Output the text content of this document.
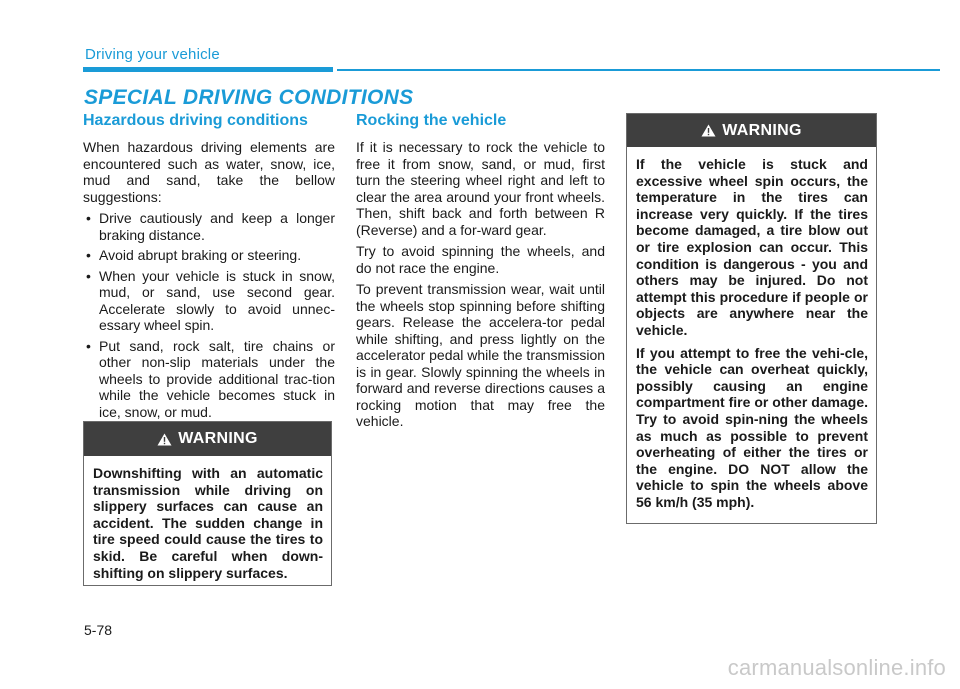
Driving your vehicle
SPECIAL DRIVING CONDITIONS
Hazardous driving conditions

When hazardous driving elements are encountered such as water, snow, ice, mud and sand, take the bellow suggestions:

• Drive cautiously and keep a longer braking distance.
• Avoid abrupt braking or steering.
• When your vehicle is stuck in snow, mud, or sand, use second gear. Accelerate slowly to avoid unnec-essary wheel spin.
• Put sand, rock salt, tire chains or other non-slip materials under the wheels to provide additional trac-tion while the vehicle becomes stuck in ice, snow, or mud.
Rocking the vehicle

If it is necessary to rock the vehicle to free it from snow, sand, or mud, first turn the steering wheel right and left to clear the area around your front wheels. Then, shift back and forth between R (Reverse) and a for-ward gear.

Try to avoid spinning the wheels, and do not race the engine.

To prevent transmission wear, wait until the wheels stop spinning before shifting gears. Release the accelera-tor pedal while shifting, and press lightly on the accelerator pedal while the transmission is in gear. Slowly spinning the wheels in forward and reverse directions causes a rocking motion that may free the vehicle.

WARNING

Downshifting with an automatic transmission while driving on slippery surfaces can cause an accident. The sudden change in tire speed could cause the tires to skid. Be careful when down-shifting on slippery surfaces.

WARNING

If the vehicle is stuck and excessive wheel spin occurs, the temperature in the tires can increase very quickly. If the tires become damaged, a tire blow out or tire explosion can occur. This condition is dangerous - you and others may be injured. Do not attempt this procedure if people or objects are anywhere near the vehicle.

If you attempt to free the vehi-cle, the vehicle can overheat quickly, possibly causing an engine compartment fire or other damage. Try to avoid spin-ning the wheels as much as possible to prevent overheating of either the tires or the engine. DO NOT allow the vehicle to spin the wheels above 56 km/h (35 mph).

5-78
carmanualsonline.info
